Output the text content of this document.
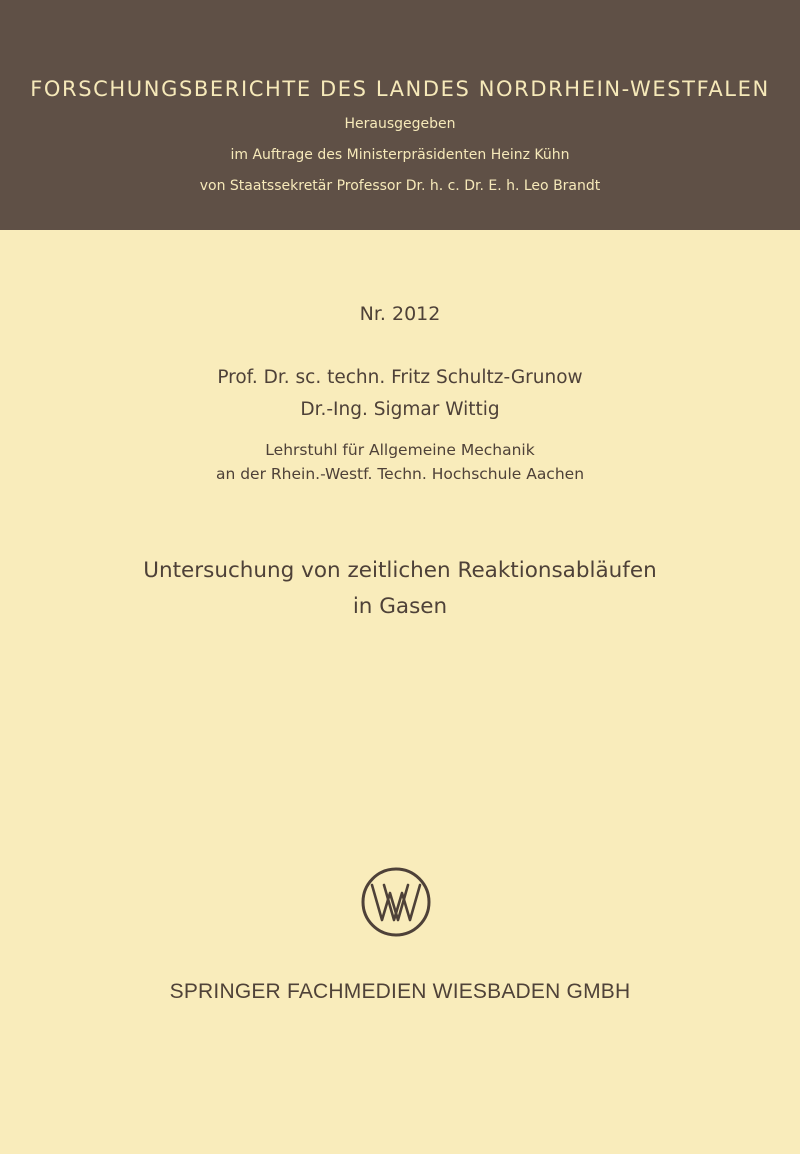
FORSCHUNGSBERICHTE DES LANDES NORDRHEIN-WESTFALEN
Herausgegeben
im Auftrage des Ministerpräsidenten Heinz Kühn
von Staatssekretär Professor Dr. h. c. Dr. E. h. Leo Brandt
Nr. 2012
Prof. Dr. sc. techn. Fritz Schultz-Grunow
Dr.-Ing. Sigmar Wittig
Lehrstuhl für Allgemeine Mechanik
an der Rhein.-Westf. Techn. Hochschule Aachen
Untersuchung von zeitlichen Reaktionsabläufen
in Gasen
SPRINGER FACHMEDIEN WIESBADEN GMBH
